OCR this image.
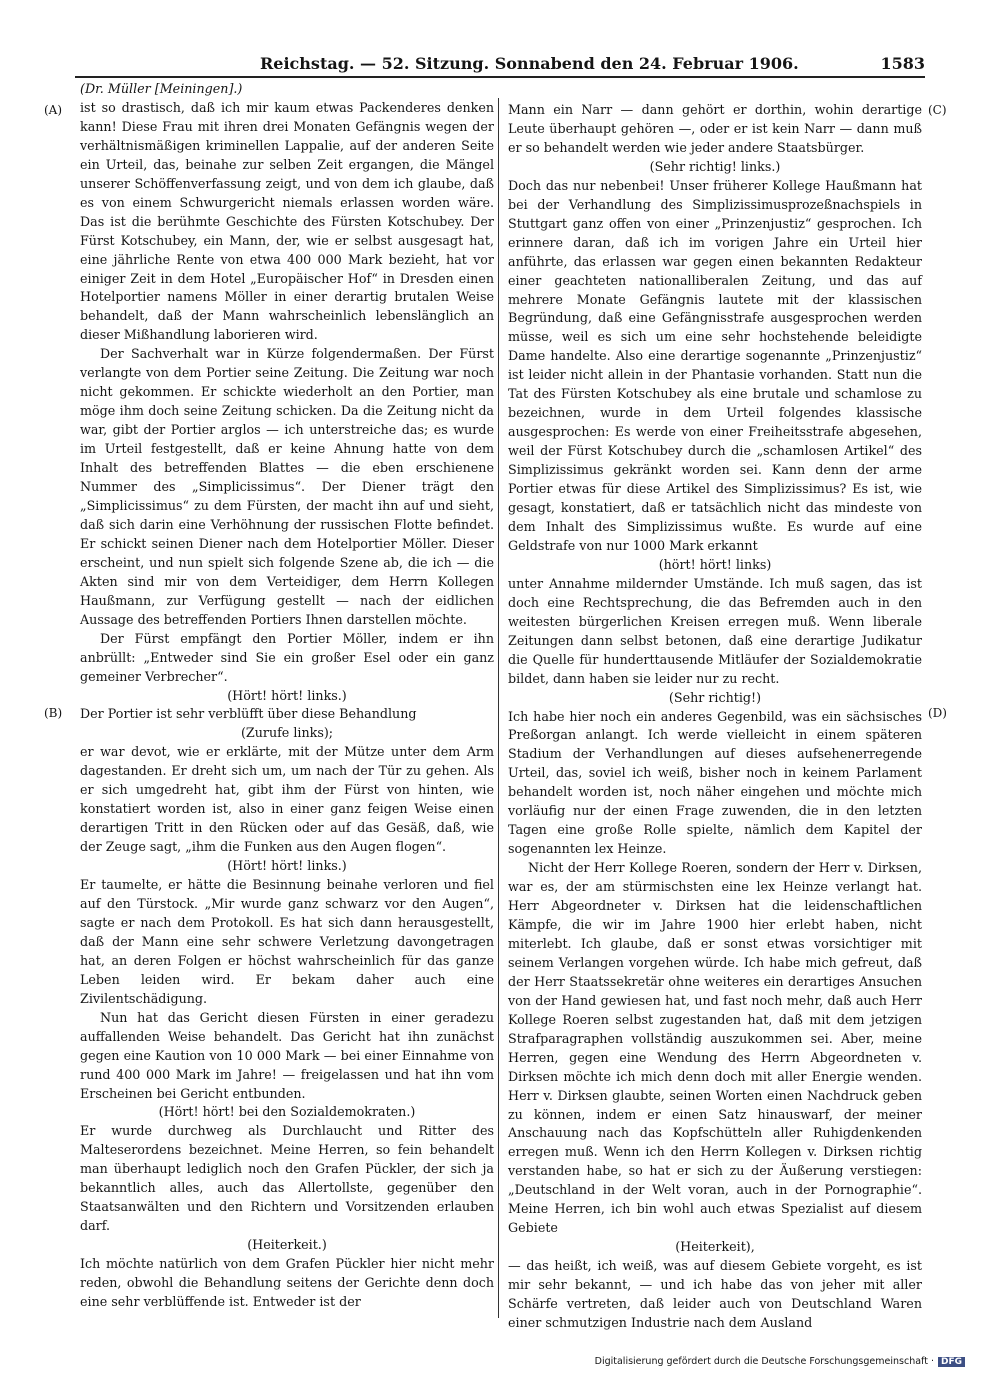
Reichstag. — 52. Sitzung. Sonnabend den 24. Februar 1906.	1583
(A)
(B)
(C)
(D)

(Dr. Müller [Meiningen].)

ist so drastisch, daß ich mir kaum etwas Packenderes denken kann! Diese Frau mit ihren drei Monaten Gefängnis wegen der verhältnismäßigen kriminellen Lappalie, auf der anderen Seite ein Urteil, das, beinahe zur selben Zeit ergangen, die Mängel unserer Schöffenverfassung zeigt, und von dem ich glaube, daß es von einem Schwurgericht niemals erlassen worden wäre. Das ist die berühmte Geschichte des Fürsten Kotschubey. Der Fürst Kotschubey, ein Mann, der, wie er selbst ausgesagt hat, eine jährliche Rente von etwa 400 000 Mark bezieht, hat vor einiger Zeit in dem Hotel „Europäischer Hof“ in Dresden einen Hotelportier namens Möller in einer derartig brutalen Weise behandelt, daß der Mann wahrscheinlich lebenslänglich an dieser Mißhandlung laborieren wird.

Der Sachverhalt war in Kürze folgendermaßen. Der Fürst verlangte von dem Portier seine Zeitung. Die Zeitung war noch nicht gekommen. Er schickte wiederholt an den Portier, man möge ihm doch seine Zeitung schicken. Da die Zeitung nicht da war, gibt der Portier arglos — ich unterstreiche das; es wurde im Urteil festgestellt, daß er keine Ahnung hatte von dem Inhalt des betreffenden Blattes — die eben erschienene Nummer des „Simplicissimus“. Der Diener trägt den „Simplicissimus“ zu dem Fürsten, der macht ihn auf und sieht, daß sich darin eine Verhöhnung der russischen Flotte befindet. Er schickt seinen Diener nach dem Hotelportier Möller. Dieser erscheint, und nun spielt sich folgende Szene ab, die ich — die Akten sind mir von dem Verteidiger, dem Herrn Kollegen Haußmann, zur Verfügung gestellt — nach der eidlichen Aussage des betreffenden Portiers Ihnen darstellen möchte.

Der Fürst empfängt den Portier Möller, indem er ihn anbrüllt: „Entweder sind Sie ein großer Esel oder ein ganz gemeiner Verbrecher“.

(Hört! hört! links.)

Der Portier ist sehr verblüfft über diese Behandlung

(Zurufe links);

er war devot, wie er erklärte, mit der Mütze unter dem Arm dagestanden. Er dreht sich um, um nach der Tür zu gehen. Als er sich umgedreht hat, gibt ihm der Fürst von hinten, wie konstatiert worden ist, also in einer ganz feigen Weise einen derartigen Tritt in den Rücken oder auf das Gesäß, daß, wie der Zeuge sagt, „ihm die Funken aus den Augen flogen“.

(Hört! hört! links.)

Er taumelte, er hätte die Besinnung beinahe verloren und fiel auf den Türstock. „Mir wurde ganz schwarz vor den Augen“, sagte er nach dem Protokoll. Es hat sich dann herausgestellt, daß der Mann eine sehr schwere Verletzung davongetragen hat, an deren Folgen er höchst wahrscheinlich für das ganze Leben leiden wird. Er bekam daher auch eine Zivilentschädigung.

Nun hat das Gericht diesen Fürsten in einer geradezu auffallenden Weise behandelt. Das Gericht hat ihn zunächst gegen eine Kaution von 10 000 Mark — bei einer Einnahme von rund 400 000 Mark im Jahre! — freigelassen und hat ihn vom Erscheinen bei Gericht entbunden.

(Hört! hört! bei den Sozialdemokraten.)

Er wurde durchweg als Durchlaucht und Ritter des Malteserordens bezeichnet. Meine Herren, so fein behandelt man überhaupt lediglich noch den Grafen Pückler, der sich ja bekanntlich alles, auch das Allertollste, gegenüber den Staatsanwälten und den Richtern und Vorsitzenden erlauben darf.

(Heiterkeit.)

Ich möchte natürlich von dem Grafen Pückler hier nicht mehr reden, obwohl die Behandlung seitens der Gerichte denn doch eine sehr verblüffende ist. Entweder ist der

Mann ein Narr — dann gehört er dorthin, wohin derartige Leute überhaupt gehören —, oder er ist kein Narr — dann muß er so behandelt werden wie jeder andere Staatsbürger.

(Sehr richtig! links.)

Doch das nur nebenbei! Unser früherer Kollege Haußmann hat bei der Verhandlung des Simplizissimusprozeßnachspiels in Stuttgart ganz offen von einer „Prinzenjustiz“ gesprochen. Ich erinnere daran, daß ich im vorigen Jahre ein Urteil hier anführte, das erlassen war gegen einen bekannten Redakteur einer geachteten nationalliberalen Zeitung, und das auf mehrere Monate Gefängnis lautete mit der klassischen Begründung, daß eine Gefängnisstrafe ausgesprochen werden müsse, weil es sich um eine sehr hochstehende beleidigte Dame handelte. Also eine derartige sogenannte „Prinzenjustiz“ ist leider nicht allein in der Phantasie vorhanden. Statt nun die Tat des Fürsten Kotschubey als eine brutale und schamlose zu bezeichnen, wurde in dem Urteil folgendes klassische ausgesprochen: Es werde von einer Freiheitsstrafe abgesehen, weil der Fürst Kotschubey durch die „schamlosen Artikel“ des Simplizissimus gekränkt worden sei. Kann denn der arme Portier etwas für diese Artikel des Simplizissimus? Es ist, wie gesagt, konstatiert, daß er tatsächlich nicht das mindeste von dem Inhalt des Simplizissimus wußte. Es wurde auf eine Geldstrafe von nur 1000 Mark erkannt

(hört! hört! links)

unter Annahme mildernder Umstände. Ich muß sagen, das ist doch eine Rechtsprechung, die das Befremden auch in den weitesten bürgerlichen Kreisen erregen muß. Wenn liberale Zeitungen dann selbst betonen, daß eine derartige Judikatur die Quelle für hunderttausende Mitläufer der Sozialdemokratie bildet, dann haben sie leider nur zu recht.

(Sehr richtig!)

Ich habe hier noch ein anderes Gegenbild, was ein sächsisches Preßorgan anlangt. Ich werde vielleicht in einem späteren Stadium der Verhandlungen auf dieses aufsehenerregende Urteil, das, soviel ich weiß, bisher noch in keinem Parlament behandelt worden ist, noch näher eingehen und möchte mich vorläufig nur der einen Frage zuwenden, die in den letzten Tagen eine große Rolle spielte, nämlich dem Kapitel der sogenannten lex Heinze.

Nicht der Herr Kollege Roeren, sondern der Herr v. Dirksen, war es, der am stürmischsten eine lex Heinze verlangt hat. Herr Abgeordneter v. Dirksen hat die leidenschaftlichen Kämpfe, die wir im Jahre 1900 hier erlebt haben, nicht miterlebt. Ich glaube, daß er sonst etwas vorsichtiger mit seinem Verlangen vorgehen würde. Ich habe mich gefreut, daß der Herr Staatssekretär ohne weiteres ein derartiges Ansuchen von der Hand gewiesen hat, und fast noch mehr, daß auch Herr Kollege Roeren selbst zugestanden hat, daß mit dem jetzigen Strafparagraphen vollständig auszukommen sei. Aber, meine Herren, gegen eine Wendung des Herrn Abgeordneten v. Dirksen möchte ich mich denn doch mit aller Energie wenden. Herr v. Dirksen glaubte, seinen Worten einen Nachdruck geben zu können, indem er einen Satz hinauswarf, der meiner Anschauung nach das Kopfschütteln aller Ruhigdenkenden erregen muß. Wenn ich den Herrn Kollegen v. Dirksen richtig verstanden habe, so hat er sich zu der Äußerung verstiegen: „Deutschland in der Welt voran, auch in der Pornographie“. Meine Herren, ich bin wohl auch etwas Spezialist auf diesem Gebiete

(Heiterkeit),

— das heißt, ich weiß, was auf diesem Gebiete vorgeht, es ist mir sehr bekannt, — und ich habe das von jeher mit aller Schärfe vertreten, daß leider auch von Deutschland Waren einer schmutzigen Industrie nach dem Ausland

Digitalisierung gefördert durch die Deutsche Forschungsgemeinschaft · DFG
